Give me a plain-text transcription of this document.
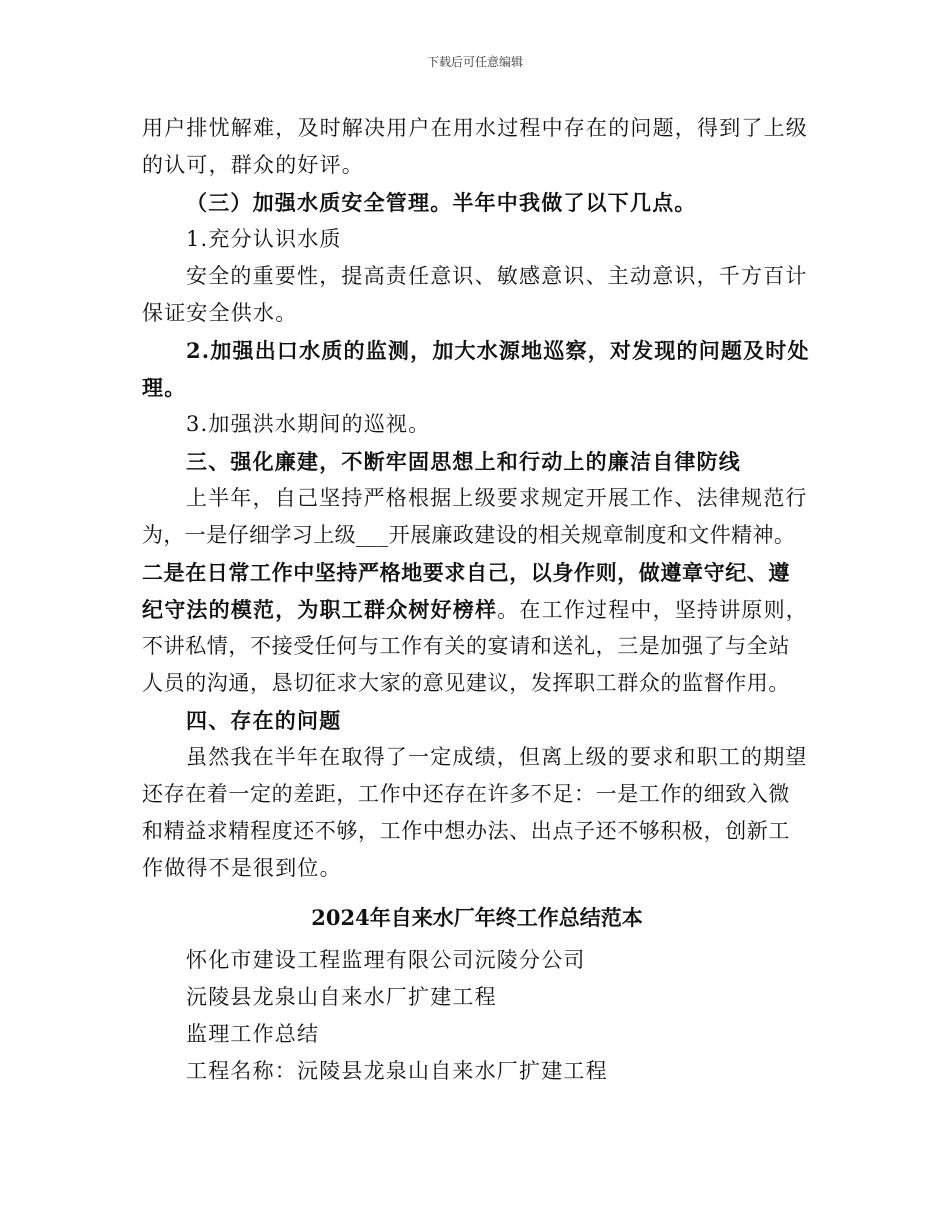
下载后可任意编辑
用户排忧解难，及时解决用户在用水过程中存在的问题，得到了上级
的认可，群众的好评。
（三）加强水质安全管理。半年中我做了以下几点。
1.充分认识水质
安全的重要性，提高责任意识、敏感意识、主动意识，千方百计
保证安全供水。
2.加强出口水质的监测，加大水源地巡察，对发现的问题及时处
理。
3.加强洪水期间的巡视。
三、强化廉建，不断牢固思想上和行动上的廉洁自律防线
上半年，自己坚持严格根据上级要求规定开展工作、法律规范行
为，一是仔细学习上级___开展廉政建设的相关规章制度和文件精神。
二是在日常工作中坚持严格地要求自己，以身作则，做遵章守纪、遵
纪守法的模范，为职工群众树好榜样。在工作过程中，坚持讲原则，
不讲私情，不接受任何与工作有关的宴请和送礼，三是加强了与全站
人员的沟通，恳切征求大家的意见建议，发挥职工群众的监督作用。
四、存在的问题
虽然我在半年在取得了一定成绩，但离上级的要求和职工的期望
还存在着一定的差距，工作中还存在许多不足：一是工作的细致入微
和精益求精程度还不够，工作中想办法、出点子还不够积极，创新工
作做得不是很到位。
2024年自来水厂年终工作总结范本
怀化市建设工程监理有限公司沅陵分公司
沅陵县龙泉山自来水厂扩建工程
监理工作总结
工程名称：沅陵县龙泉山自来水厂扩建工程
